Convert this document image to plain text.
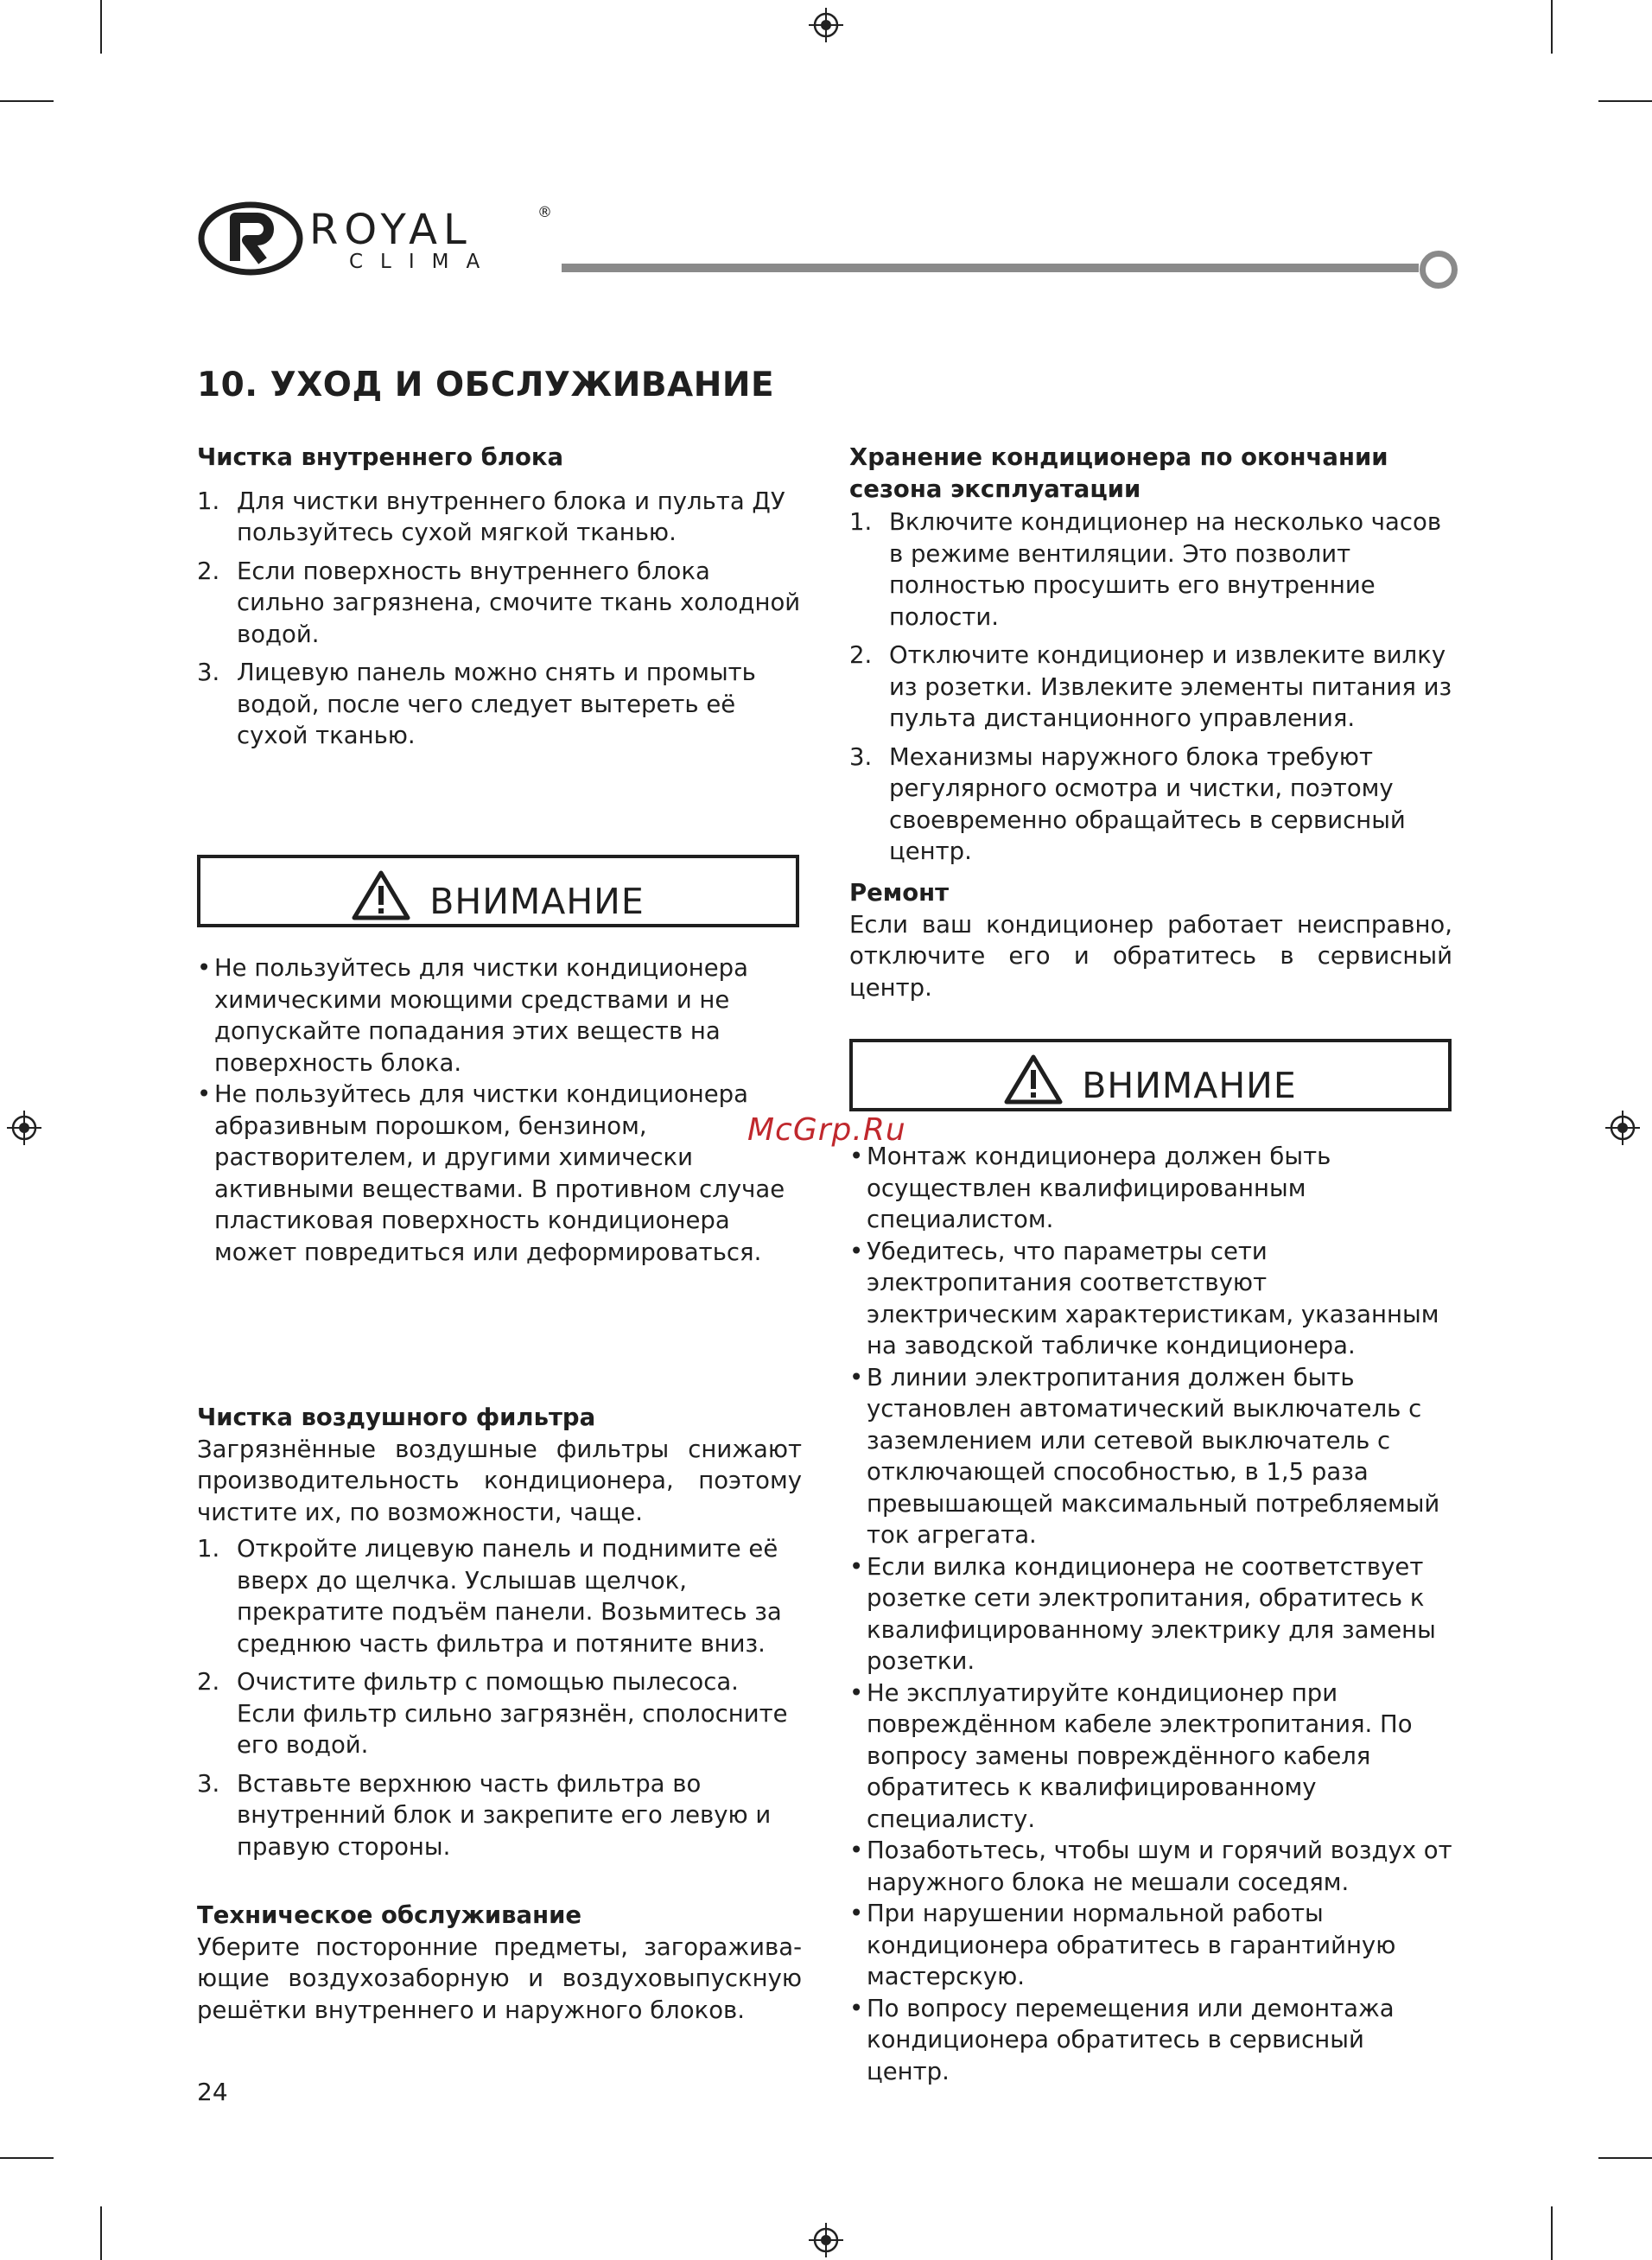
ROYAL	®
CLIMA
10. УХОД И ОБСЛУЖИВАНИЕ

Чистка внутреннего блока

1. Для чистки внутреннего блока и пульта ДУ пользуйтесь сухой мягкой тканью.
2. Если поверхность внутреннего блока сильно загрязнена, смочите ткань холодной водой.
3. Лицевую панель можно снять и промыть водой, после чего следует вытереть её сухой тканью.
ВНИМАНИЕ
• Не пользуйтесь для чистки кондиционера химическими моющими средствами и не допускайте попадания этих веществ на поверхность блока.
• Не пользуйтесь для чистки кондиционера абразивным порошком, бензином, растворителем, и другими химически активными веществами. В противном случае пластиковая поверхность кондиционера может повредиться или деформироваться.

Чистка воздушного фильтра

Загрязнённые воздушные фильтры снижают производительность кондиционера, поэтому чистите их, по возможности, чаще.

1. Откройте лицевую панель и поднимите её вверх до щелчка. Услышав щелчок, прекратите подъём панели. Возьмитесь за среднюю часть фильтра и потяните вниз.
2. Очистите фильтр с помощью пылесоса. Если фильтр сильно загрязнён, сполосните его водой.
3. Вставьте верхнюю часть фильтра во внутренний блок и закрепите его левую и правую стороны.

Техническое обслуживание

Уберите посторонние предметы, загоражива-ющие воздухозаборную и воздуховыпускную решётки внутреннего и наружного блоков.

Хранение кондиционера по окончании сезона эксплуатации

1. Включите кондиционер на несколько часов в режиме вентиляции. Это позволит полностью просушить его внутренние полости.
2. Отключите кондиционер и извлеките вилку из розетки. Извлеките элементы питания из пульта дистанционного управления.
3. Механизмы наружного блока требуют регулярного осмотра и чистки, поэтому своевременно обращайтесь в сервисный центр.

Ремонт

Если ваш кондиционер работает неисправно, отключите его и обратитесь в сервисный центр.

ВНИМАНИЕ
• Монтаж кондиционера должен быть осуществлен квалифицированным специалистом.
• Убедитесь, что параметры сети электропитания соответствуют электрическим характеристикам, указанным на заводской табличке кондиционера.
• В линии электропитания должен быть установлен автоматический выключатель с заземлением или сетевой выключатель с отключающей способностью, в 1,5 раза превышающей максимальный потребляемый ток агрегата.
• Если вилка кондиционера не соответствует розетке сети электропитания, обратитесь к квалифицированному электрику для замены розетки.
• Не эксплуатируйте кондиционер при повреждённом кабеле электропитания. По вопросу замены повреждённого кабеля обратитесь к квалифицированному специалисту.
• Позаботьтесь, чтобы шум и горячий воздух от наружного блока не мешали соседям.
• При нарушении нормальной работы кондиционера обратитесь в гарантийную мастерскую.
• По вопросу перемещения или демонтажа кондиционера обратитесь в сервисный центр.
McGrp.Ru
24
